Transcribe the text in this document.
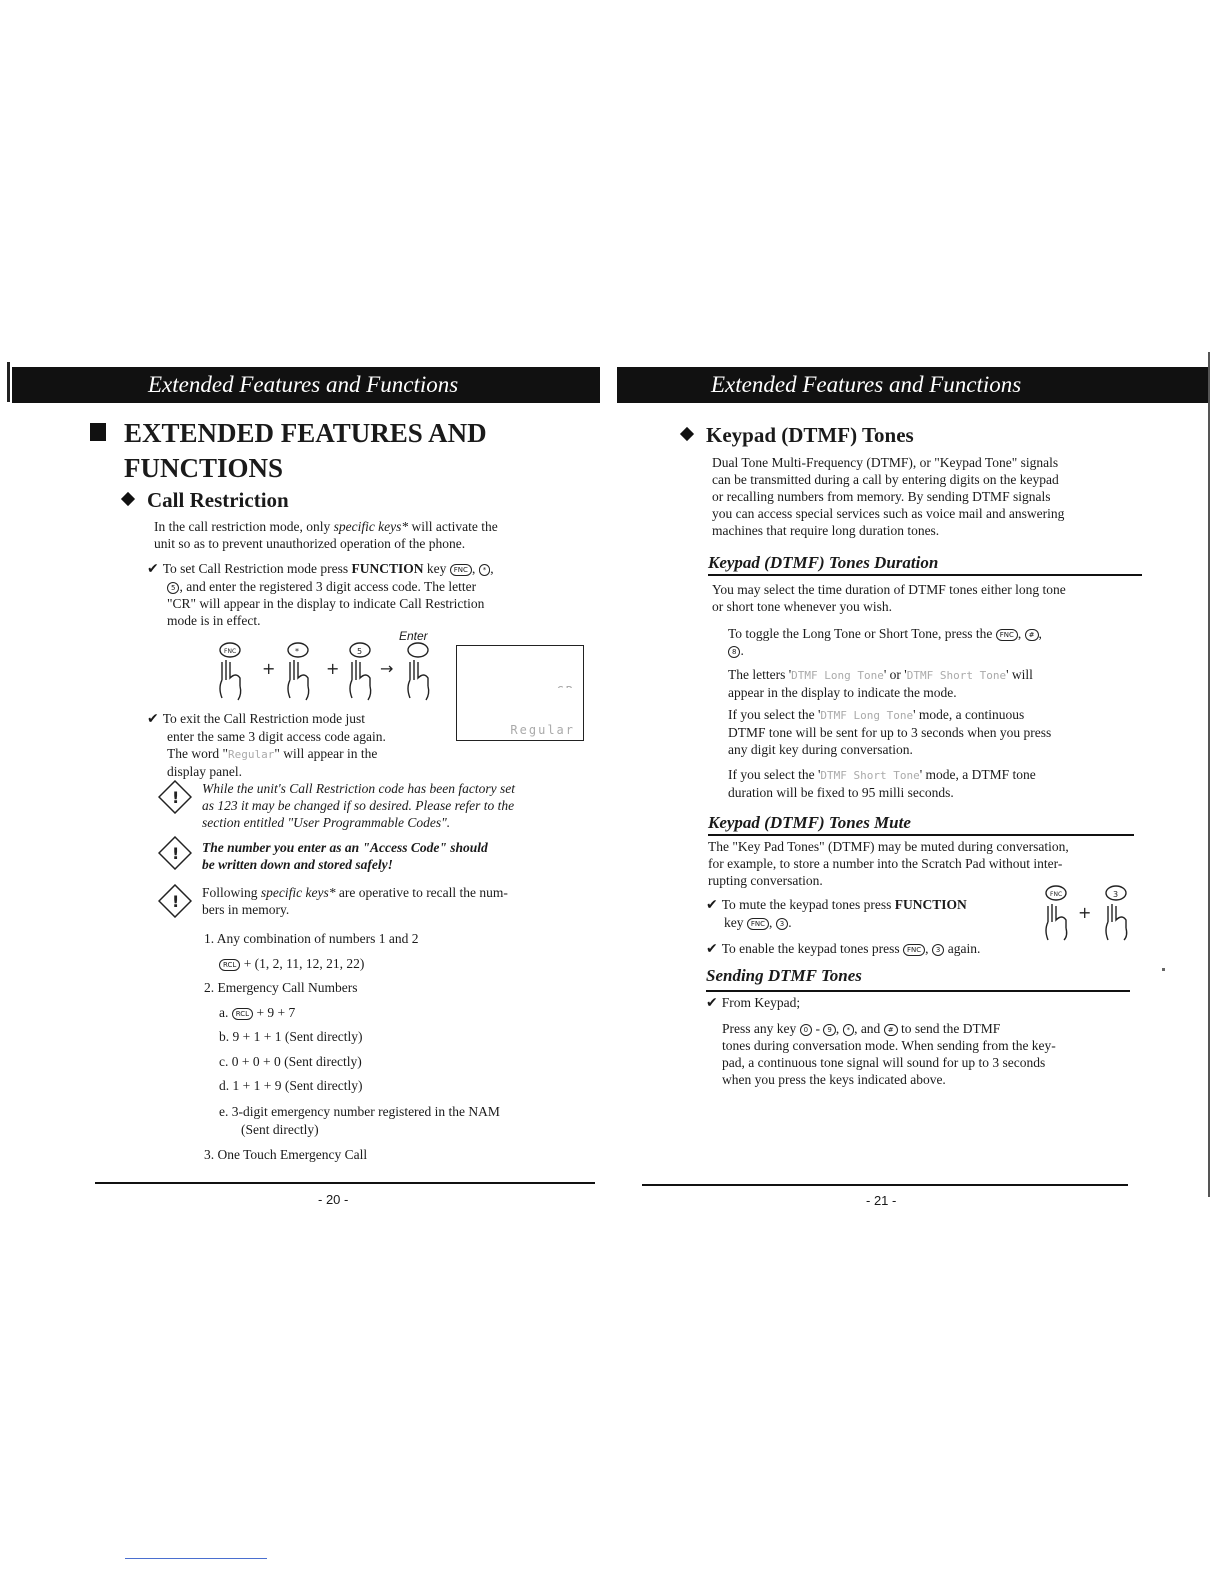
Extended Features and Functions
EXTENDED FEATURES AND
FUNCTIONS
Call Restriction
In the call restriction mode, only specific keys* will activate the
unit so as to prevent unauthorized operation of the phone.
✔ To set Call Restriction mode press FUNCTION key FNC , * ,
5 , and enter the registered 3 digit access code. The letter
"CR" will appear in the display to indicate Call Restriction
mode is in effect.
Enter
FNC
+
*
+
5
→
✔ To exit the Call Restriction mode just
enter the same 3 digit access code again.
The word "Regular" will appear in the
display panel.
Regular
! While the unit's Call Restriction code has been factory set
as 123 it may be changed if so desired. Please refer to the
section entitled "User Programmable Codes".
! The number you enter as an "Access Code" should
be written down and stored safely!
! Following specific keys* are operative to recall the num-
bers in memory.
1. Any combination of numbers 1 and 2
RCL + (1, 2, 11, 12, 21, 22)
2. Emergency Call Numbers
a. RCL + 9 + 7
b. 9 + 1 + 1 (Sent directly)
c. 0 + 0 + 0 (Sent directly)
d. 1 + 1 + 9 (Sent directly)
e. 3-digit emergency number registered in the NAM
(Sent directly)
3. One Touch Emergency Call
- 20 -
Extended Features and Functions
Keypad (DTMF) Tones
Dual Tone Multi-Frequency (DTMF), or "Keypad Tone" signals
can be transmitted during a call by entering digits on the keypad
or recalling numbers from memory. By sending DTMF signals
you can access special services such as voice mail and answering
machines that require long duration tones.
Keypad (DTMF) Tones Duration
You may select the time duration of DTMF tones either long tone
or short tone whenever you wish.
To toggle the Long Tone or Short Tone, press the FNC , # ,
8 .
The letters 'DTMF Long Tone' or 'DTMF Short Tone' will
appear in the display to indicate the mode.
If you select the 'DTMF Long Tone' mode, a continuous
DTMF tone will be sent for up to 3 seconds when you press
any digit key during conversation.
If you select the 'DTMF Short Tone' mode, a DTMF tone
duration will be fixed to 95 milli seconds.
Keypad (DTMF) Tones Mute
The "Key Pad Tones" (DTMF) may be muted during conversation,
for example, to store a number into the Scratch Pad without inter-
rupting conversation.
✔ To mute the keypad tones press FUNCTION
key FNC , 3 .
FNC
+
3
✔ To enable the keypad tones press FNC , 3 again.
Sending DTMF Tones
✔ From Keypad;
Press any key 0 - 9 , * , and # to send the DTMF
tones during conversation mode. When sending from the key-
pad, a continuous tone signal will sound for up to 3 seconds
when you press the keys indicated above.
- 21 -
